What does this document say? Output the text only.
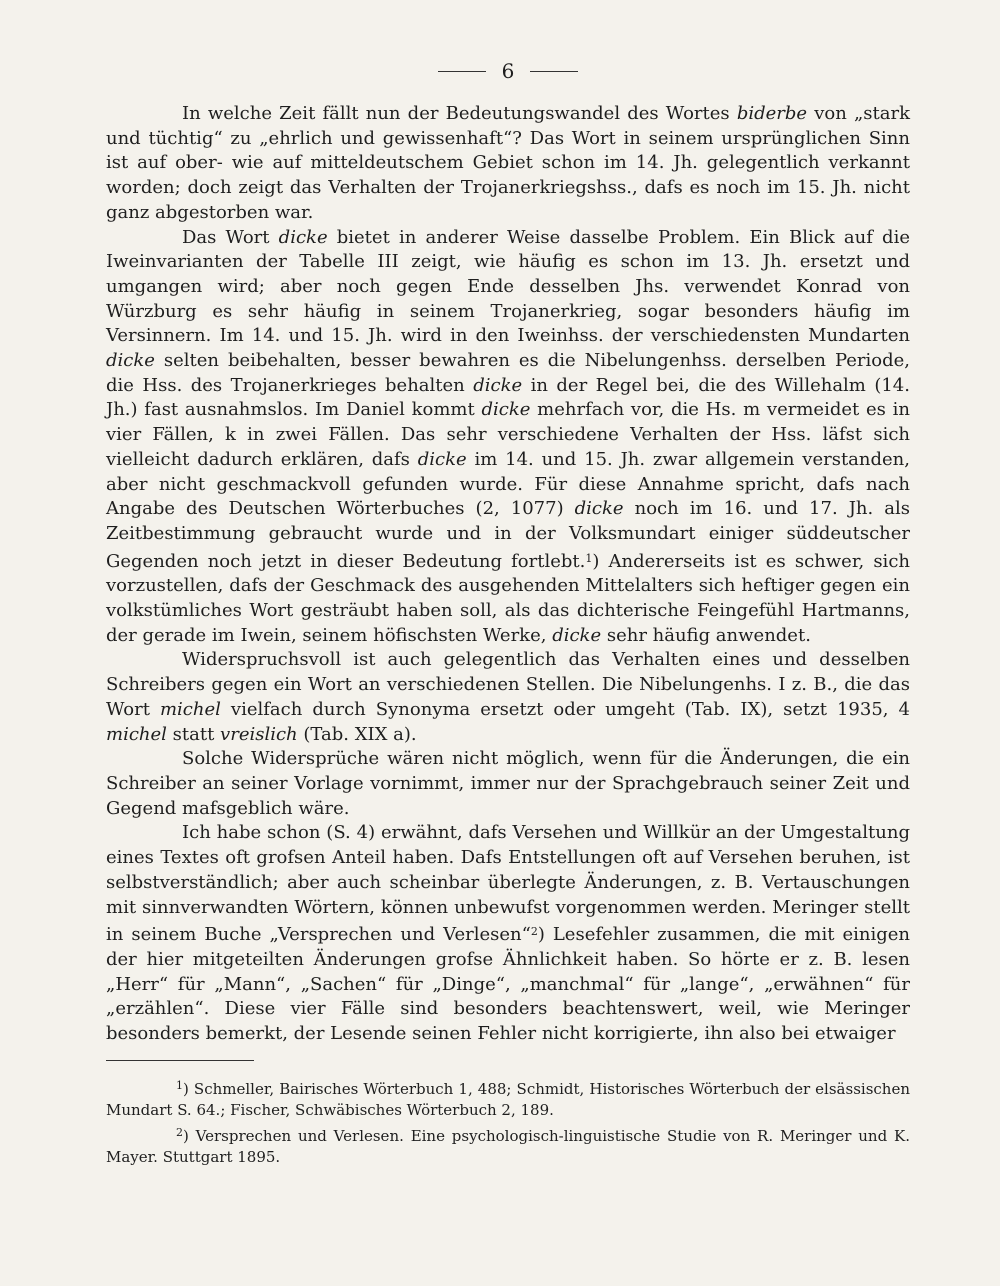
6

In welche Zeit fällt nun der Bedeutungswandel des Wortes biderbe von „stark und tüchtig“ zu „ehrlich und gewissenhaft“? Das Wort in seinem ursprünglichen Sinn ist auf ober- wie auf mitteldeutschem Gebiet schon im 14. Jh. gelegentlich verkannt worden; doch zeigt das Verhalten der Trojanerkriegshss., dafs es noch im 15. Jh. nicht ganz abgestorben war.

Das Wort dicke bietet in anderer Weise dasselbe Problem. Ein Blick auf die Iweinvarianten der Tabelle III zeigt, wie häufig es schon im 13. Jh. ersetzt und umgangen wird; aber noch gegen Ende desselben Jhs. verwendet Konrad von Würzburg es sehr häufig in seinem Trojanerkrieg, sogar besonders häufig im Versinnern. Im 14. und 15. Jh. wird in den Iweinhss. der verschiedensten Mundarten dicke selten beibehalten, besser bewahren es die Nibelungenhss. derselben Periode, die Hss. des Trojanerkrieges behalten dicke in der Regel bei, die des Willehalm (14. Jh.) fast ausnahmslos. Im Daniel kommt dicke mehrfach vor, die Hs. m vermeidet es in vier Fällen, k in zwei Fällen. Das sehr verschiedene Verhalten der Hss. läfst sich vielleicht dadurch erklären, dafs dicke im 14. und 15. Jh. zwar allgemein verstanden, aber nicht geschmackvoll gefunden wurde. Für diese Annahme spricht, dafs nach Angabe des Deutschen Wörterbuches (2, 1077) dicke noch im 16. und 17. Jh. als Zeitbestimmung gebraucht wurde und in der Volksmundart einiger süddeutscher Gegenden noch jetzt in dieser Bedeutung fortlebt.$^1$) Andererseits ist es schwer, sich vorzustellen, dafs der Geschmack des ausgehenden Mittelalters sich heftiger gegen ein volkstümliches Wort gesträubt haben soll, als das dichterische Feingefühl Hartmanns, der gerade im Iwein, seinem höfischsten Werke, dicke sehr häufig anwendet.

Widerspruchsvoll ist auch gelegentlich das Verhalten eines und desselben Schreibers gegen ein Wort an verschiedenen Stellen. Die Nibelungenhs. I z. B., die das Wort michel vielfach durch Synonyma ersetzt oder umgeht (Tab. IX), setzt 1935, 4 michel statt vreislich (Tab. XIX a).

Solche Widersprüche wären nicht möglich, wenn für die Änderungen, die ein Schreiber an seiner Vorlage vornimmt, immer nur der Sprachgebrauch seiner Zeit und Gegend mafsgeblich wäre.

Ich habe schon (S. 4) erwähnt, dafs Versehen und Willkür an der Umgestaltung eines Textes oft grofsen Anteil haben. Dafs Entstellungen oft auf Versehen beruhen, ist selbstverständlich; aber auch scheinbar überlegte Änderungen, z. B. Vertauschungen mit sinnverwandten Wörtern, können unbewufst vorgenommen werden. Meringer stellt in seinem Buche „Versprechen und Verlesen“$^2$) Lesefehler zusammen, die mit einigen der hier mitgeteilten Änderungen grofse Ähnlichkeit haben. So hörte er z. B. lesen „Herr“ für „Mann“, „Sachen“ für „Dinge“, „manchmal“ für „lange“, „erwähnen“ für „erzählen“. Diese vier Fälle sind besonders beachtenswert, weil, wie Meringer besonders bemerkt, der Lesende seinen Fehler nicht korrigierte, ihn also bei etwaiger

$^1$) Schmeller, Bairisches Wörterbuch 1, 488; Schmidt, Historisches Wörterbuch der elsässischen Mundart S. 64.; Fischer, Schwäbisches Wörterbuch 2, 189.

$^2$) Versprechen und Verlesen. Eine psychologisch-linguistische Studie von R. Meringer und K. Mayer. Stuttgart 1895.
